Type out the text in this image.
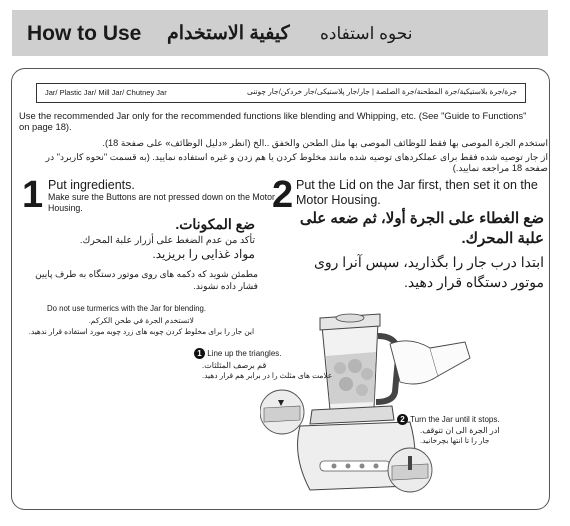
How to Use كيفية الاستخدام نحوه استفاده
Jar/ Plastic Jar/ Mill Jar/ Chutney Jar	جرة/جرة بلاستيكية/جرة المطحنة/جرة الصلصة | جار/جار پلاستیکی/جار خردکن/جار چوتنی
Use the recommended Jar only for the recommended functions like blending and Whipping, etc. (See "Guide to Functions" on page 18).
استخدم الجرة الموصى بها فقط للوظائف الموصى بها مثل الطحن والخفق ..الخ (انظر «دليل الوظائف» على صفحة 18).
از جار توصیه شده فقط برای عملکردهای توصیه شده مانند مخلوط کردن یا هم زدن و غیره استفاده نمایید. (به قسمت "نحوه کاربرد" در صفحه 18 مراجعه نمایید.)
1 Put ingredients.
Make sure the Buttons are not pressed down on the Motor Housing.
ضع المكونات.
تأكد من عدم الضغط على أزرار علبة المحرك.
مواد غذایی را بریزید.
مطمئن شوید که دکمه های روی موتور دستگاه به طرف پایین فشار داده نشوند.
Do not use turmerics with the Jar for blending.
لاتستخدم الجرة في طحن الكركم.
این جار را برای مخلوط کردن چوبه های زرد چوبه مورد استفاده قرار ندهید.
2 Put the Lid on the Jar first, then set it on the Motor Housing.
ضع الغطاء على الجرة أولا، ثم ضعه على علبة المحرك.
ابتدا درب جار را بگذارید، سپس آنرا روی موتور دستگاه قرار دهید.
1 Line up the triangles.
قم برصف المثلثات.
علامت های مثلث را در برابر هم قرار دهید.
2 Turn the Jar until it stops.
ادر الجرة الى ان تتوقف.
جار را تا انتها بچرخانید.
